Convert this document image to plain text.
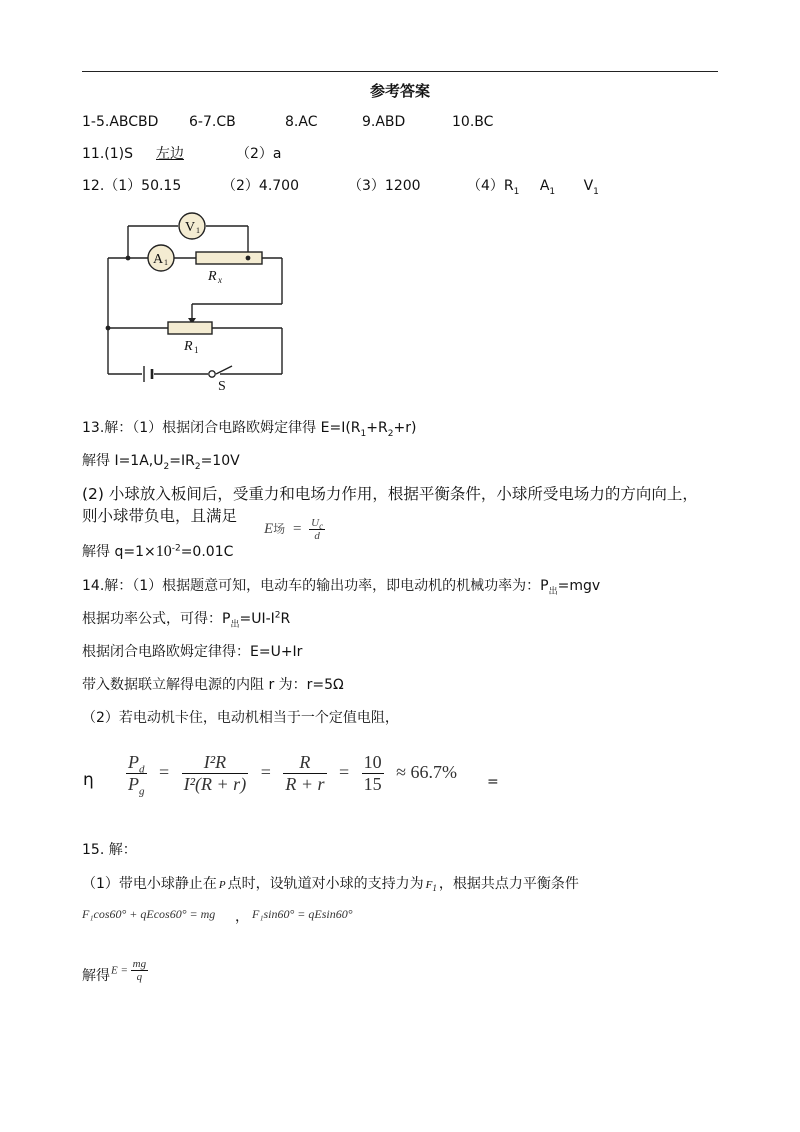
参考答案
1-5.ABCBD 6-7.CB	8.AC	9.ABD	10.BC
11.(1)S 左边	（2）a
12.（1）50.15	（2）4.700	（3）1200	$(4)R_1$ $A_1$ $V_1$
V 1
A 1
R x
R 1
S
13.解：（1）根据闭合电路欧姆定律得 $E=I(R_1+R_2+r)$
解得 $I=1A,U_2=IR_2=10V$
(2) 小球放入板间后，受重力和电场力作用，根据平衡条件，小球所受电场力的方向向上，
则小球带负电，且满足
E场 = $\frac{U_c}{d}$
解得 $q=1\times 10^{-2}=0.01C$
14.解：（1）根据题意可知，电动车的输出功率，即电动机的机械功率为：$P_出=mgv$
根据功率公式，可得：$P_出=UI-I^2R$
根据闭合电路欧姆定律得：E=U+Ir
带入数据联立解得电源的内阻 r 为：r=5Ω
（2）若电动机卡住，电动机相当于一个定值电阻，
η $\frac{P_d}{P_g} = \frac{\text{I²R}}{\text{I²(R + r)}} = \frac{R}{R + r} = \frac{10}{15} \approx 66.7\%$
=
15. 解：
（1）带电小球静止在 P 点时，设轨道对小球的支持力为 $F_1$ ，根据共点力平衡条件
F₁cos60° + qEcos60° = mg ， F₁sin60° = qEsin60°
解得 $E = \frac{mg}{q}$
